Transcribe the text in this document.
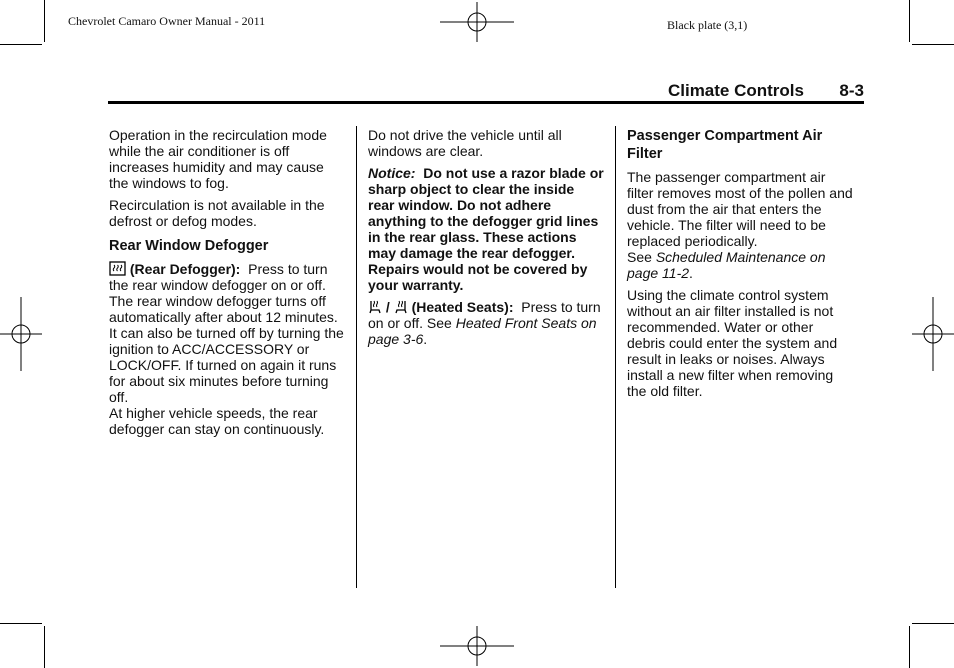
Chevrolet Camaro Owner Manual - 2011	Black plate (3,1)
Climate Controls 8-3

Operation in the recirculation mode while the air conditioner is off increases humidity and may cause the windows to fog.

Recirculation is not available in the defrost or defog modes.

Rear Window Defogger

(Rear Defogger): Press to turn the rear window defogger on or off. The rear window defogger turns off automatically after about 12 minutes. It can also be turned off by turning the ignition to ACC/ACCESSORY or LOCK/OFF. If turned on again it runs for about six minutes before turning off.
At higher vehicle speeds, the rear defogger can stay on continuously.

Do not drive the vehicle until all windows are clear.

Notice: Do not use a razor blade or sharp object to clear the inside rear window. Do not adhere anything to the defogger grid lines in the rear glass. These actions may damage the rear defogger. Repairs would not be covered by your warranty.

/ (Heated Seats): Press to turn on or off. See Heated Front Seats on page 3-6.

Passenger Compartment Air Filter

The passenger compartment air filter removes most of the pollen and dust from the air that enters the vehicle. The filter will need to be replaced periodically.
See Scheduled Maintenance on page 11-2.

Using the climate control system without an air filter installed is not recommended. Water or other debris could enter the system and result in leaks or noises. Always install a new filter when removing the old filter.
